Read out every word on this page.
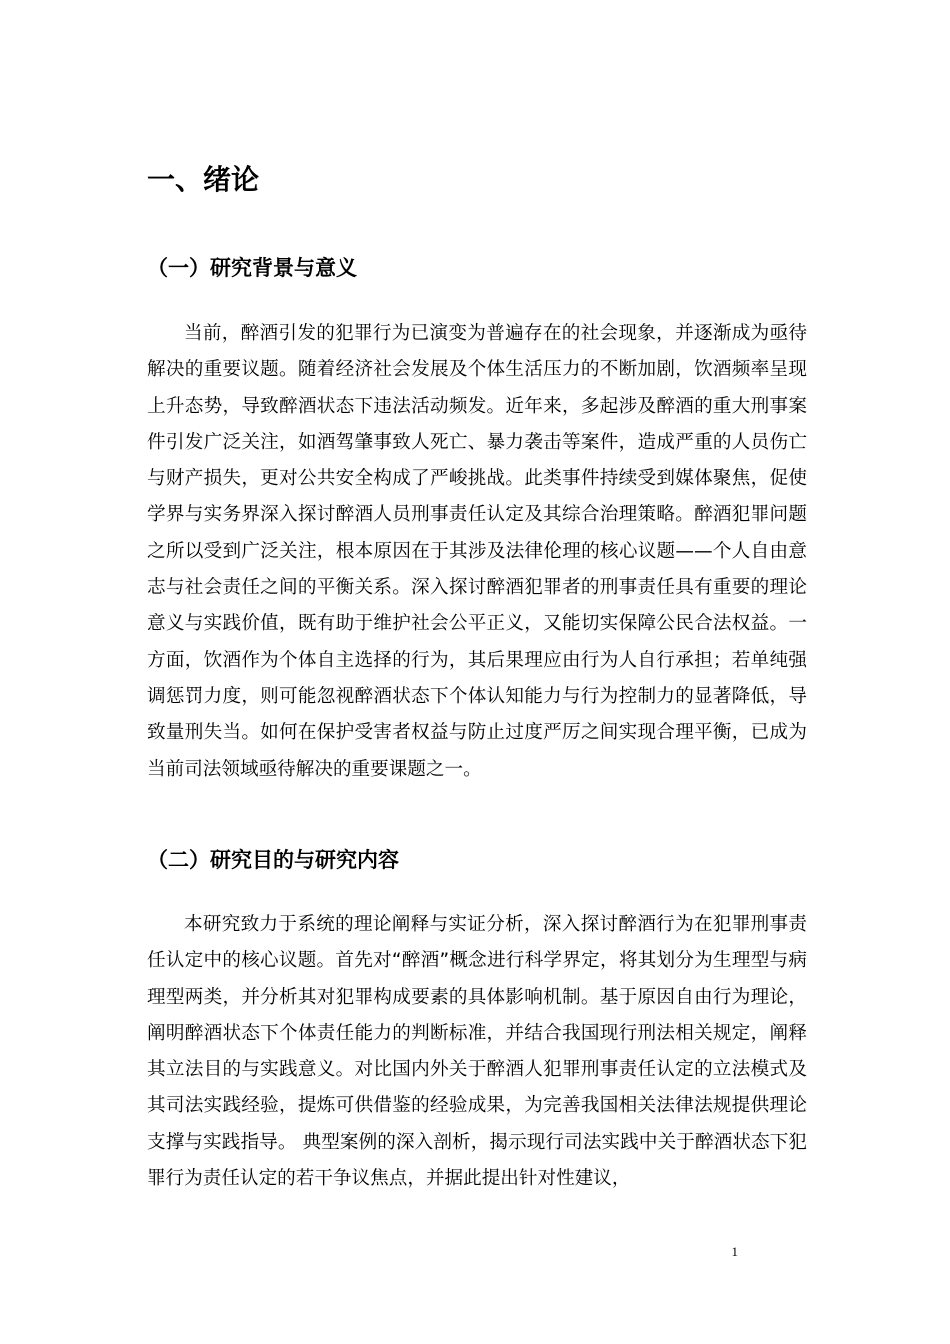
一、绪论
（一）研究背景与意义

当前，醉酒引发的犯罪行为已演变为普遍存在的社会现象，并逐渐成为亟待解决的重要议题。随着经济社会发展及个体生活压力的不断加剧，饮酒频率呈现上升态势，导致醉酒状态下违法活动频发。近年来，多起涉及醉酒的重大刑事案件引发广泛关注，如酒驾肇事致人死亡、暴力袭击等案件，造成严重的人员伤亡与财产损失，更对公共安全构成了严峻挑战。此类事件持续受到媒体聚焦，促使学界与实务界深入探讨醉酒人员刑事责任认定及其综合治理策略。醉酒犯罪问题之所以受到广泛关注，根本原因在于其涉及法律伦理的核心议题——个人自由意志与社会责任之间的平衡关系。深入探讨醉酒犯罪者的刑事责任具有重要的理论意义与实践价值，既有助于维护社会公平正义，又能切实保障公民合法权益。一方面，饮酒作为个体自主选择的行为，其后果理应由行为人自行承担；若单纯强调惩罚力度，则可能忽视醉酒状态下个体认知能力与行为控制力的显著降低，导致量刑失当。如何在保护受害者权益与防止过度严厉之间实现合理平衡，已成为当前司法领域亟待解决的重要课题之一。

（二）研究目的与研究内容

本研究致力于系统的理论阐释与实证分析，深入探讨醉酒行为在犯罪刑事责任认定中的核心议题。首先对“醉酒”概念进行科学界定，将其划分为生理型与病理型两类，并分析其对犯罪构成要素的具体影响机制。基于原因自由行为理论，阐明醉酒状态下个体责任能力的判断标准，并结合我国现行刑法相关规定，阐释其立法目的与实践意义。对比国内外关于醉酒人犯罪刑事责任认定的立法模式及其司法实践经验，提炼可供借鉴的经验成果，为完善我国相关法律法规提供理论支撑与实践指导。 典型案例的深入剖析，揭示现行司法实践中关于醉酒状态下犯罪行为责任认定的若干争议焦点，并据此提出针对性建议，

1
